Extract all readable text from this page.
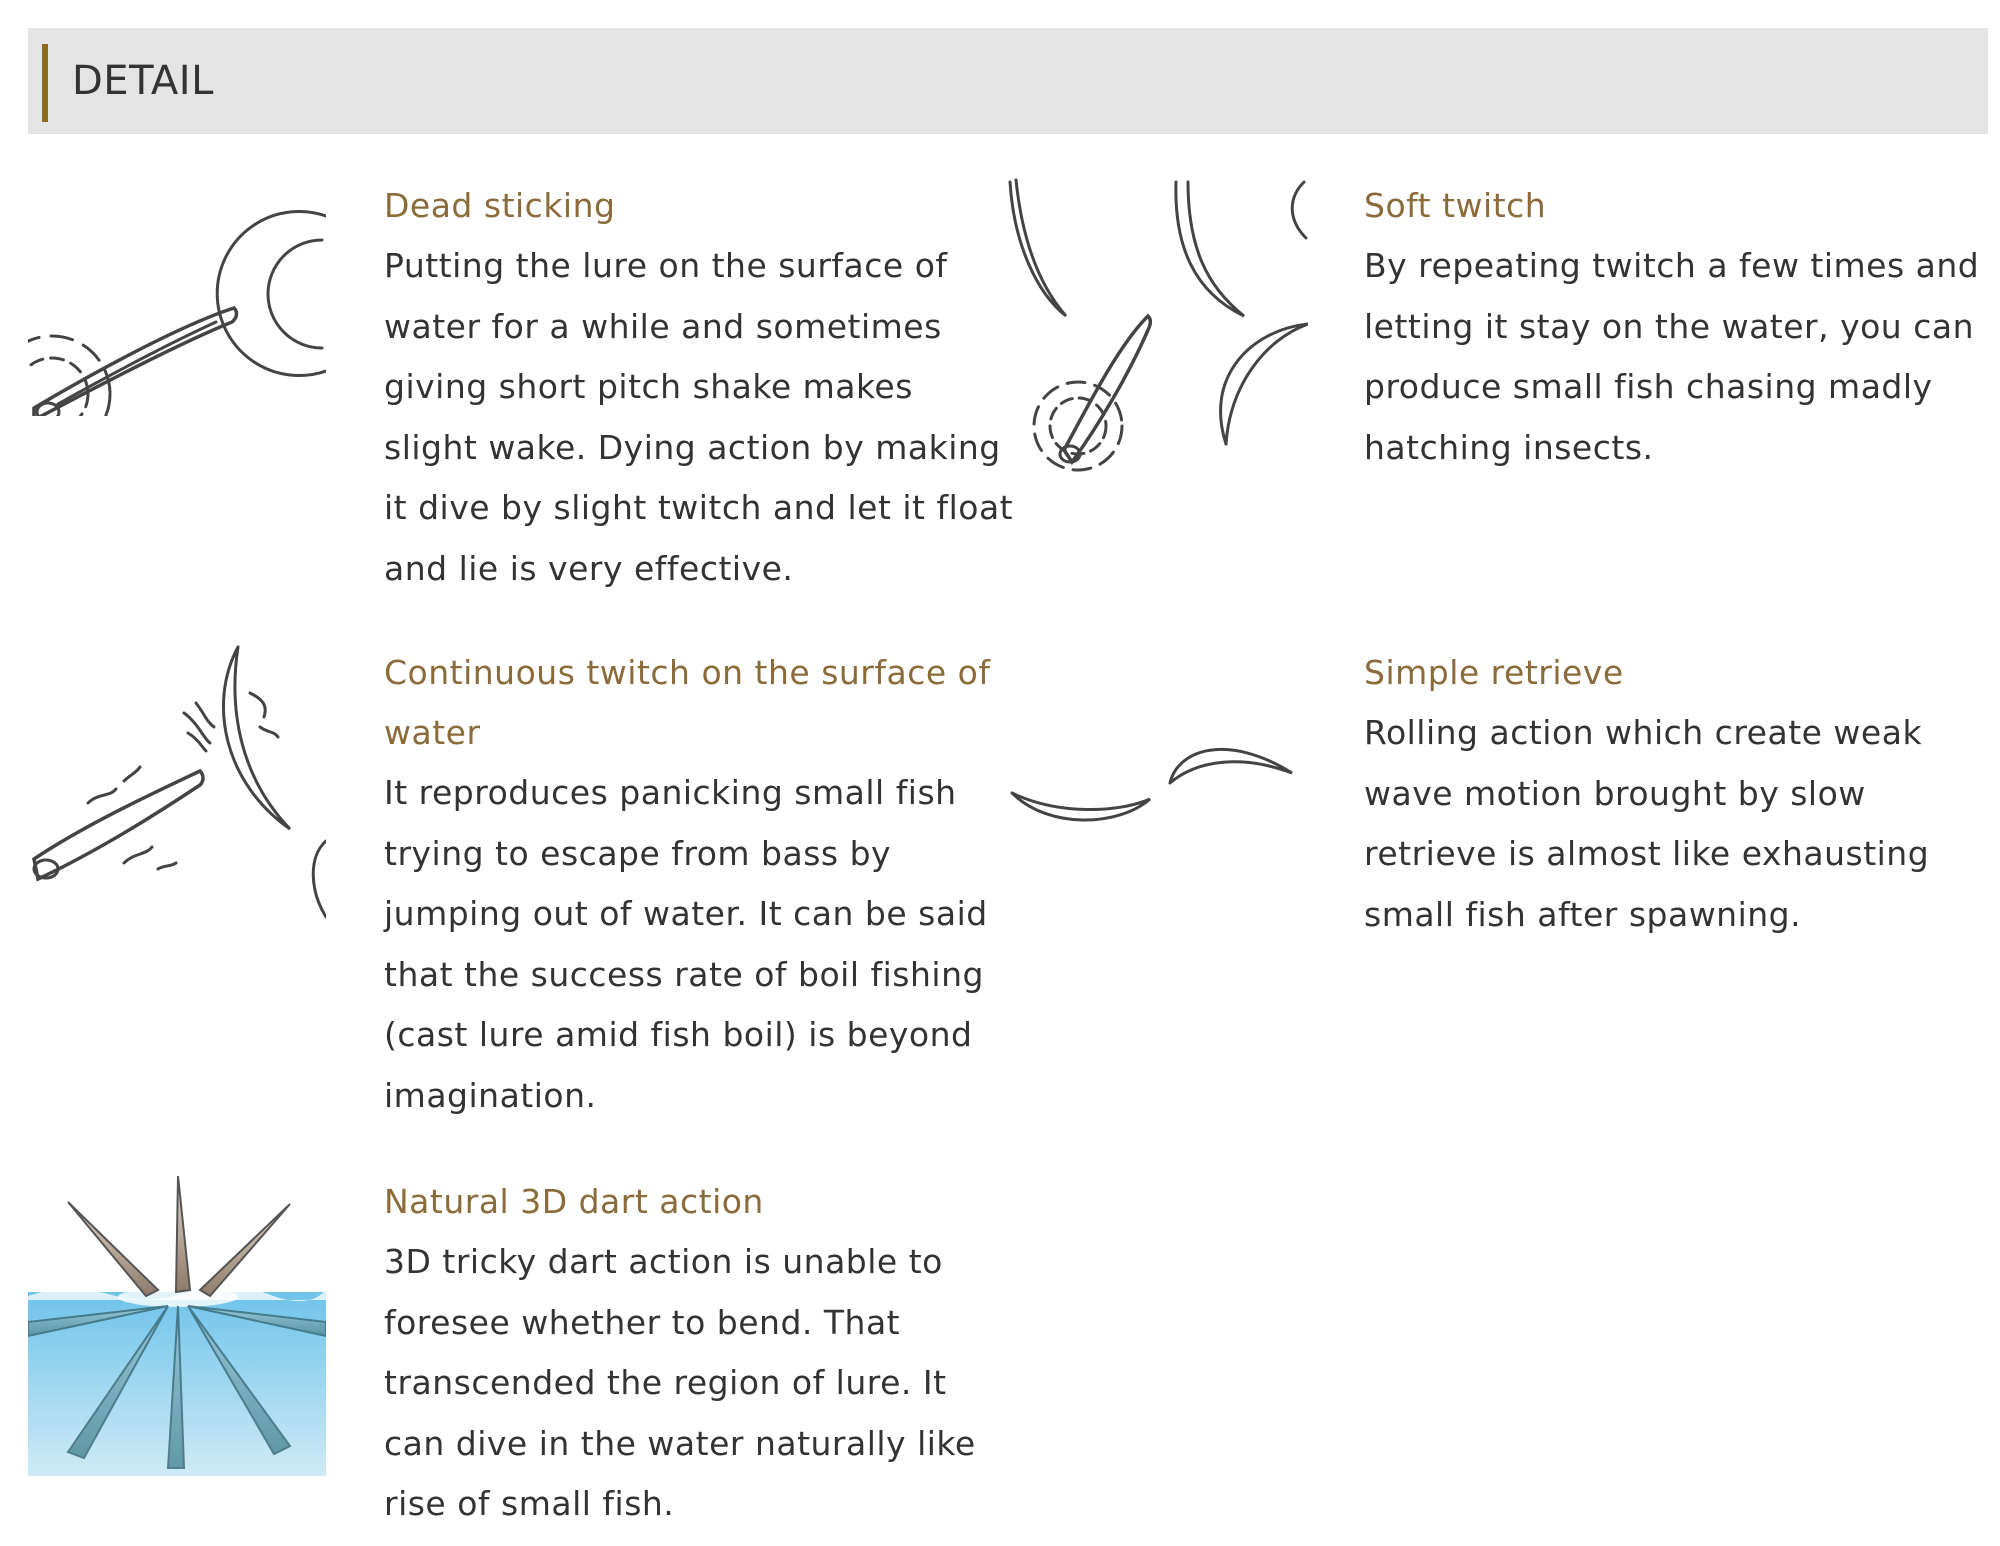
DETAIL
Dead sticking

Putting the lure on the surface of water for a while and sometimes giving short pitch shake makes slight wake. Dying action by making it dive by slight twitch and let it float and lie is very effective.

Soft twitch

By repeating twitch a few times and letting it stay on the water, you can produce small fish chasing madly hatching insects.

Continuous twitch on the surface of water

It reproduces panicking small fish trying to escape from bass by jumping out of water. It can be said that the success rate of boil fishing (cast lure amid fish boil) is beyond imagination.

Simple retrieve

Rolling action which create weak wave motion brought by slow retrieve is almost like exhausting small fish after spawning.

Natural 3D dart action

3D tricky dart action is unable to foresee whether to bend. That transcended the region of lure. It can dive in the water naturally like rise of small fish.
